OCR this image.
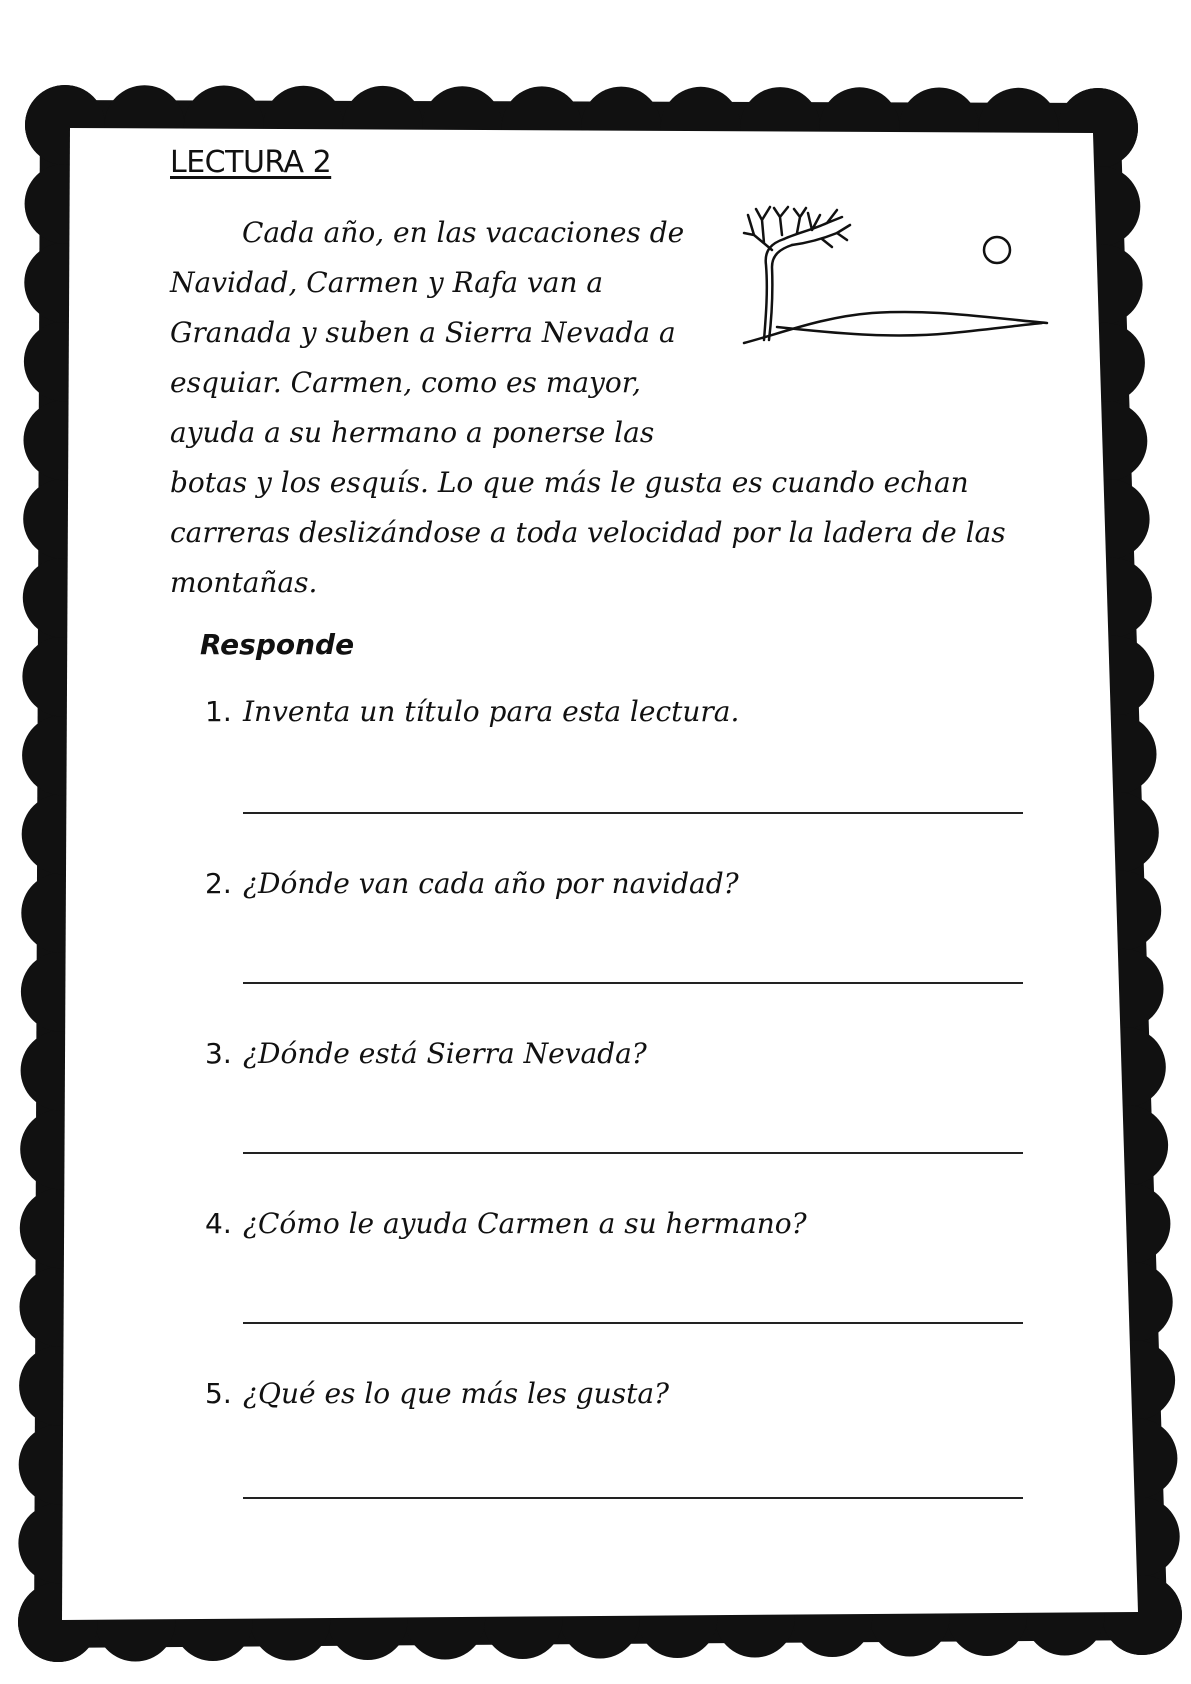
LECTURA 2
Cada año, en las vacaciones de
Navidad, Carmen y Rafa van a
Granada y suben a Sierra Nevada a
esquiar. Carmen, como es mayor,
ayuda a su hermano a ponerse las
botas y los esquís. Lo que más le gusta es cuando echan
carreras deslizándose a toda velocidad por la ladera de las
montañas.
Responde
1. Inventa un título para esta lectura.
2. ¿Dónde van cada año por navidad?
3. ¿Dónde está Sierra Nevada?
4. ¿Cómo le ayuda Carmen a su hermano?
5. ¿Qué es lo que más les gusta?
